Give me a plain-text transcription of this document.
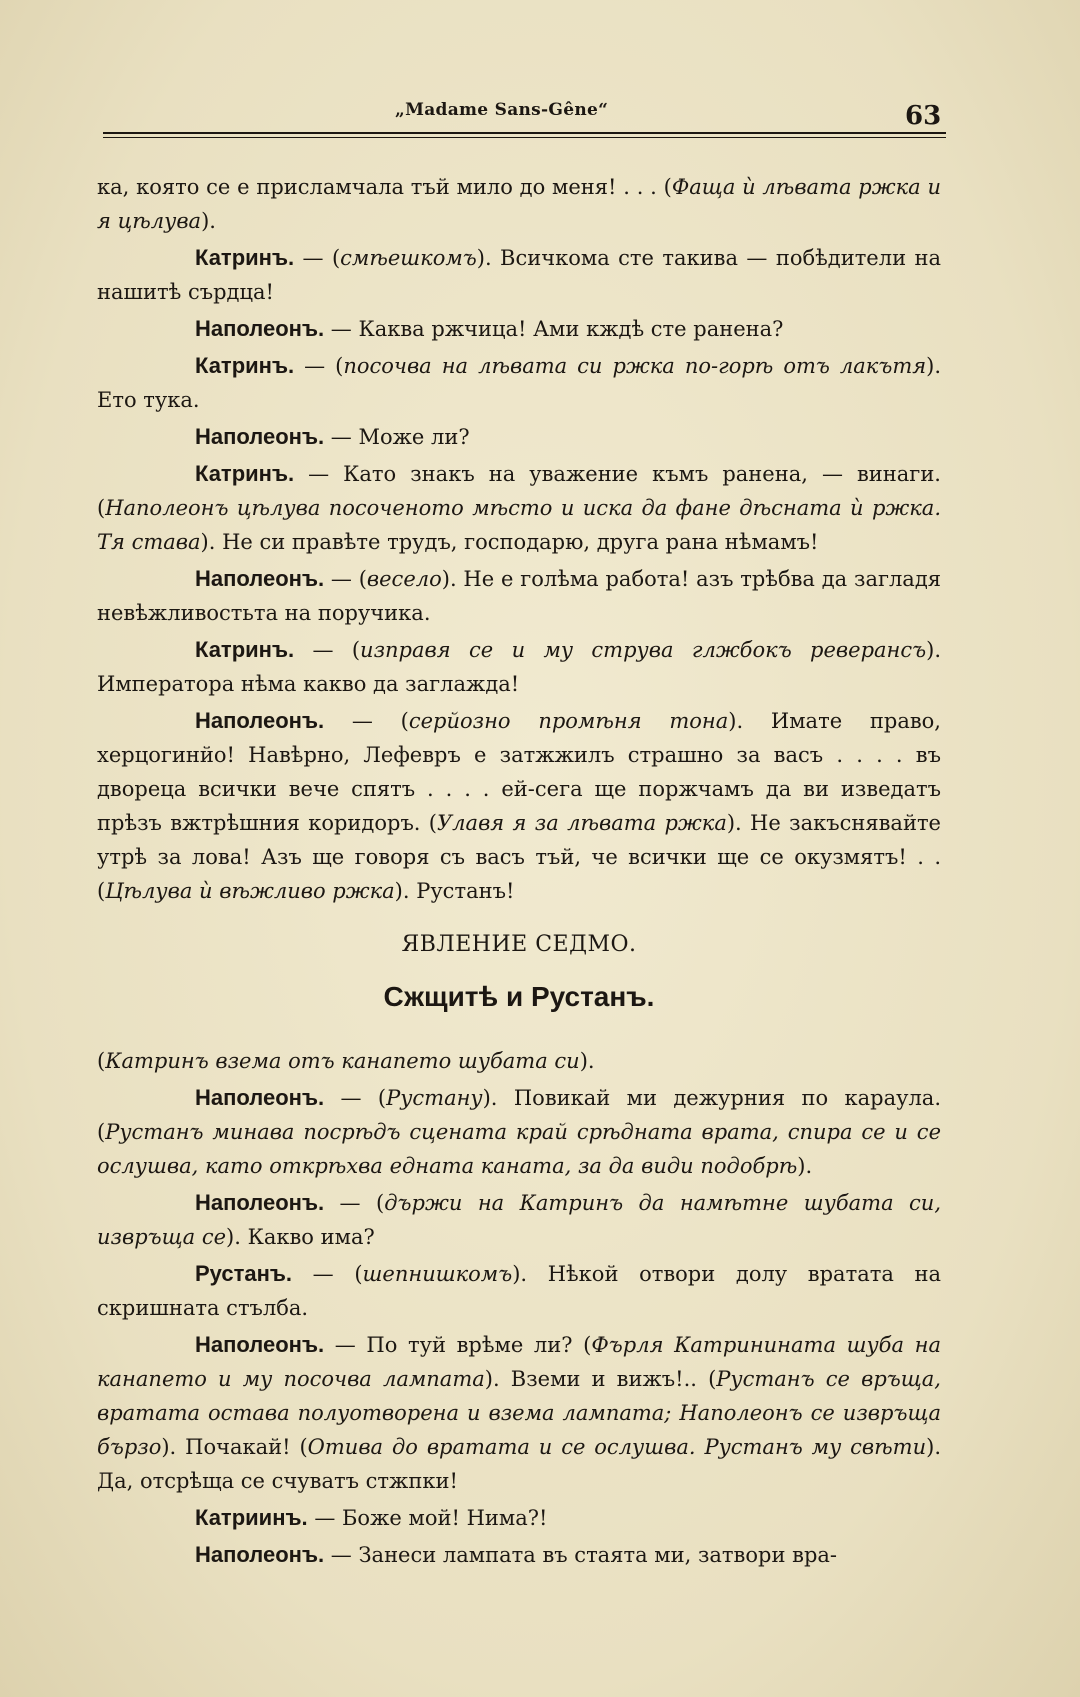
„Madame Sans-Gêne“	63

ка, която се е присламчала тъй мило до меня! . . . (Фаща ѝ лѣвата ржка и я цѣлува).

Катринъ. — (смѣешкомъ). Всичкома сте такива — побѣдители на нашитѣ сърдца!

Наполеонъ. — Каква ржчица! Ами кждѣ сте ранена?

Катринъ. — (посочва на лѣвата си ржка по-горѣ отъ лакътя). Ето тука.

Наполеонъ. — Може ли?

Катринъ. — Като знакъ на уважение къмъ ранена, — винаги. (Наполеонъ цѣлува посоченото мѣсто и иска да фане дѣсната ѝ ржка. Тя става). Не си правѣте трудъ, господарю, друга рана нѣмамъ!

Наполеонъ. — (весело). Не е голѣма работа! азъ трѣбва да загладя невѣжливостьта на поручика.

Катринъ. — (изправя се и му струва глжбокъ реверансъ). Императора нѣма какво да заглажда!

Наполеонъ. — (серйозно промѣня тона). Имате право, херцогинйо! Навѣрно, Лефевръ е затжжилъ страшно за васъ . . . . въ двореца всички вече спятъ . . . . ей-сега ще поржчамъ да ви изведатъ прѣзъ вжтрѣшния коридоръ. (Улавя я за лѣвата ржка). Не закъснявайте утрѣ за лова! Азъ ще говоря съ васъ тъй, че всички ще се окузмятъ! . . (Цѣлува ѝ вѣжливо ржка). Рустанъ!

ЯВЛЕНИЕ СЕДМО.

Сжщитѣ и Рустанъ.

(Катринъ взема отъ канапето шубата си).

Наполеонъ. — (Рустану). Повикай ми дежурния по караула. (Рустанъ минава посрѣдъ сцената край срѣдната врата, спира се и се ослушва, като открѣхва едната каната, за да види подобрѣ).

Наполеонъ. — (държи на Катринъ да намѣтне шубата си, извръща се). Какво има?

Рустанъ. — (шепнишкомъ). Нѣкой отвори долу вратата на скришната стълба.

Наполеонъ. — По туй врѣме ли? (Фърля Катринината шуба на канапето и му посочва лампата). Вземи и вижъ!.. (Рустанъ се връща, вратата остава полуотворена и взема лампата; Наполеонъ се извръща бързо). Почакай! (Отива до вратата и се ослушва. Рустанъ му свѣти). Да, отсрѣща се счуватъ стжпки!

Катриинъ. — Боже мой! Нима?!

Наполеонъ. — Занеси лампата въ стаята ми, затвори вра-
